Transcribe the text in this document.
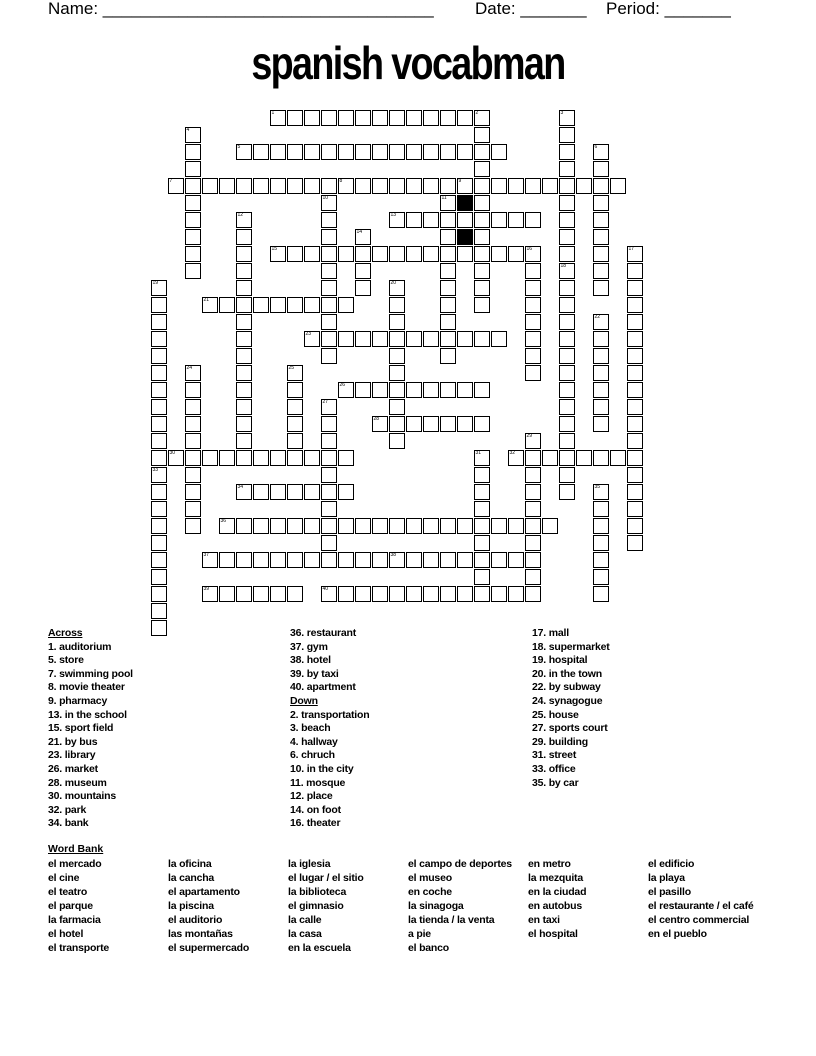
Name: ___________________________________ Date: _______ Period: _______
spanish vocabman
1
5
7	8	9
13
15	16
21
23
26
28
30	32
34
36
37	38
39	40
2	3
18
4
6
10	11
12
14
17
19	20
22
24	25
27
29
31
33
35
Across
1. auditorium
5. store
7. swimming pool
8. movie theater
9. pharmacy
13. in the school
15. sport field
21. by bus
23. library
26. market
28. museum
30. mountains
32. park
34. bank
36. restaurant
37. gym
38. hotel
39. by taxi
40. apartment
Down
2. transportation
3. beach
4. hallway
6. chruch
10. in the city
11. mosque
12. place
14. on foot
16. theater
17. mall
18. supermarket
19. hospital
20. in the town
22. by subway
24. synagogue
25. house
27. sports court
29. building
31. street
33. office
35. by car
Word Bank
el mercado
el cine
el teatro
el parque
la farmacia
el hotel
el transporte
la oficina
la cancha
el apartamento
la piscina
el auditorio
las montañas
el supermercado
la iglesia
el lugar / el sitio
la biblioteca
el gimnasio
la calle
la casa
en la escuela
el campo de deportes
el museo
en coche
la sinagoga
la tienda / la venta
a pie
el banco
en metro
la mezquita
en la ciudad
en autobus
en taxi
el hospital
el edificio
la playa
el pasillo
el restaurante / el café
el centro commercial
en el pueblo
